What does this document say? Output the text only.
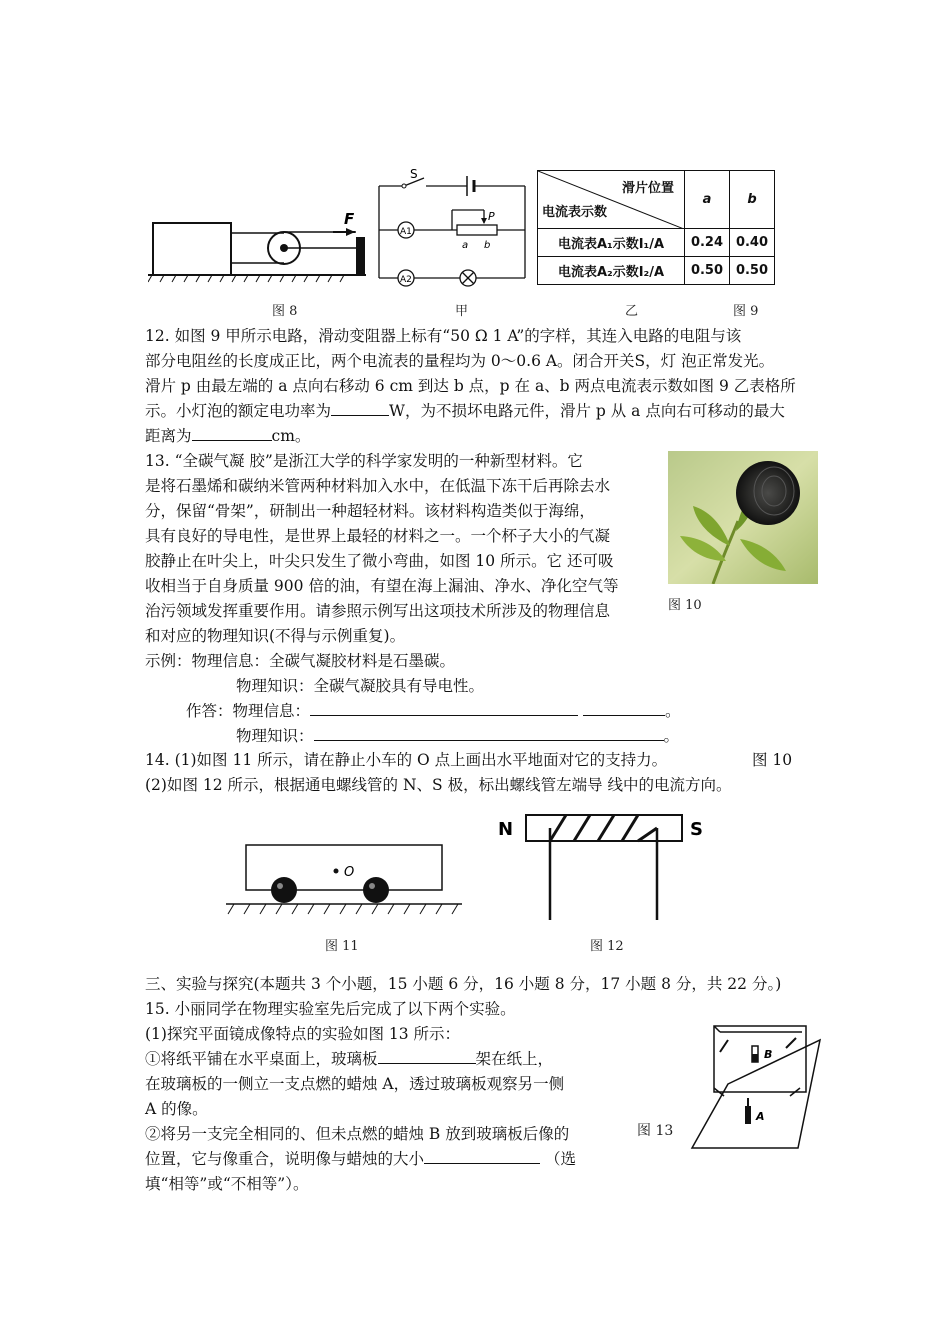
F
A1
A2
S
P
a b
滑片位置
电流表示数	a	b
电流表A₁示数I₁/A	0.24	0.40
电流表A₂示数I₂/A	0.50	0.50
图 8	甲	乙	图 9
12. 如图 9 甲所示电路，滑动变阻器上标有“50 Ω 1 A”的字样，其连入电路的电阻与该
部分电阻丝的长度成正比，两个电流表的量程均为 0～0.6 A。闭合开关S，灯 泡正常发光。
滑片 p 由最左端的 a 点向右移动 6 cm 到达 b 点，p 在 a、b 两点电流表示数如图 9 乙表格所
示。小灯泡的额定电功率为	W，为不损坏电路元件，滑片 p 从 a 点向右可移动的最大
距离为	cm。
13. “全碳气凝 胶”是浙江大学的科学家发明的一种新型材料。它
是将石墨烯和碳纳米管两种材料加入水中，在低温下冻干后再除去水
分，保留“骨架”，研制出一种超轻材料。该材料构造类似于海绵，
具有良好的导电性，是世界上最轻的材料之一。一个杯子大小的气凝
胶静止在叶尖上，叶尖只发生了微小弯曲，如图 10 所示。它 还可吸
收相当于自身质量 900 倍的油，有望在海上漏油、净水、净化空气等
治污领域发挥重要作用。请参照示例写出这项技术所涉及的物理信息
和对应的物理知识(不得与示例重复)。
示例：物理信息：全碳气凝胶材料是石墨碳。
物理知识：全碳气凝胶具有导电性。
作答：物理信息：	。
物理知识：	。
图 10
14. (1)如图 11 所示，请在静止小车的 O 点上画出水平地面对它的支持力。	图 10
(2)如图 12 所示，根据通电螺线管的 N、S 极，标出螺线管左端导 线中的电流方向。
O
图 11
N	S
图 12
三、实验与探究(本题共 3 个小题，15 小题 6 分，16 小题 8 分，17 小题 8 分，共 22 分。)
15. 小丽同学在物理实验室先后完成了以下两个实验。
(1)探究平面镜成像特点的实验如图 13 所示：
①将纸平铺在水平桌面上，玻璃板	架在纸上，
在玻璃板的一侧立一支点燃的蜡烛 A，透过玻璃板观察另一侧
A 的像。
②将另一支完全相同的、但未点燃的蜡烛 B 放到玻璃板后像的
位置，它与像重合，说明像与蜡烛的大小	（选
填“相等”或“不相等”）。
B
A
图 13
